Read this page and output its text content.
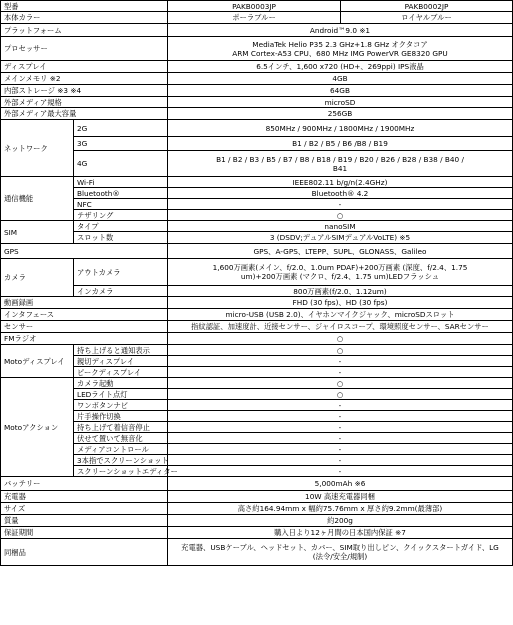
型番		PAKB0003JP	PAKB0002JP
本体カラー		ポーラブルー	ロイヤルブルー
プラットフォーム		Android™9.0 ※1	
プロセッサー		MediaTek Helio P35 2.3 GHz+1.8 GHz オクタコア
ARM Cortex-A53 CPU、680 MHz IMG PowerVR GE8320 GPU	

ディスプレイ		6.5インチ、1,600 x720 (HD+、269ppi) IPS液晶	
メインメモリ ※2		4GB	
内部ストレージ ※3 ※4		64GB	
外部メディア規格		microSD	
外部メディア最大容量		256GB	
ネットワーク	2G	850MHz / 900MHz / 1800MHz / 1900MHz	
	3G	B1 / B2 / B5 / B6 /B8 / B19	
	4G	B1 / B2 / B3 / B5 / B7 / B8 / B18 / B19 / B20 / B26 / B28 / B38 / B40 /
B41	

通信機能	Wi-Fi	IEEE802.11 b/g/n(2.4GHz)	
	Bluetooth®	Bluetooth® 4.2	
	NFC	-	
	テザリング	○	
SIM	タイプ	nanoSIM	
	スロット数	3 (DSDV;デュアルSIMデュアルVoLTE) ※5	
GPS		GPS、A-GPS、LTEPP、SUPL、GLONASS、Galileo	
カメラ	アウトカメラ	1,600万画素(メイン、f/2.0、1.0um PDAF)+200万画素 (深度、f/2.4、1.75
um)+200万画素 (マクロ、f/2.4、1.75 um)LEDフラッシュ	

	インカメラ	800万画素(f/2.0、1.12um)	
動画録画		FHD (30 fps)、HD (30 fps)	
インタフェース		micro-USB (USB 2.0)、イヤホンマイクジャック、microSDスロット	
センサー		指紋認証、加速度計、近接センサー、ジャイロスコープ、環境照度センサー、SARセンサー	
FMラジオ		○	
Motoディスプレイ	持ち上げると通知表示	○	
	親切ディスプレイ	-	
	ピークディスプレイ	-	
Motoアクション	カメラ起動	○	
	LEDライト点灯	○	
	ワンボタンナビ	-	
	片手操作切換	-	
	持ち上げて着信音停止	-	
	伏せて置いて無音化	-	
	メディアコントロール	-	
	3本指でスクリーンショット	-	
	スクリーンショットエディター	-	
バッテリー		5,000mAh ※6	
充電器		10W 高速充電器同梱	
サイズ		高さ約164.94mm x 幅約75.76mm x 厚さ約9.2mm(最薄部)	
質量		約200g	
保証期間		購入日より12ヶ月間の日本国内保証 ※7	
同梱品		充電器、USBケーブル、ヘッドセット、カバー、SIM取り出しピン、クイックスタートガイド、LG
(法令/安全/規制)	
